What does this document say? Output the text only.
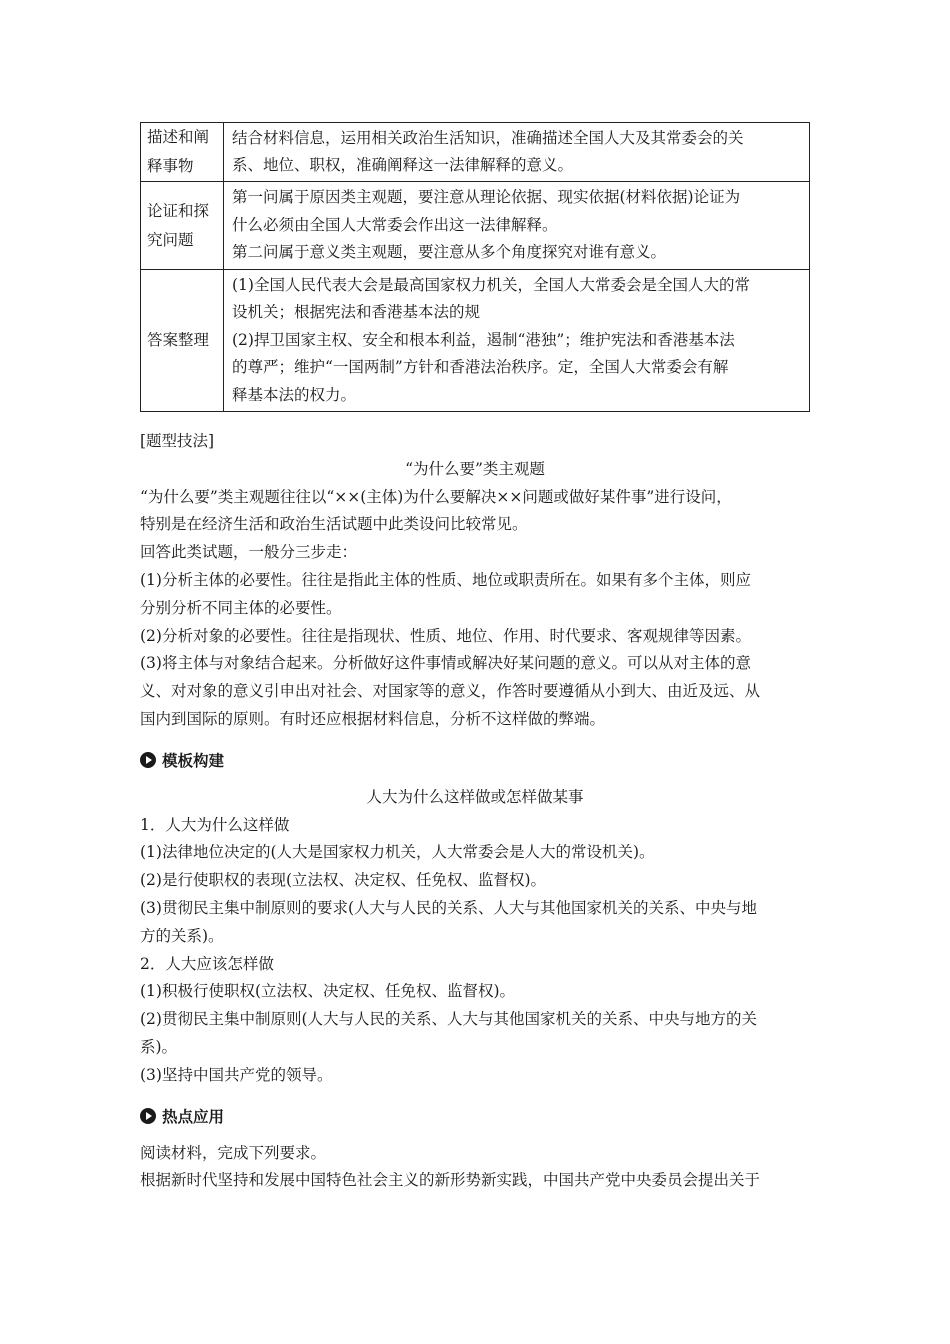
描述和阐
释事物	结合材料信息，运用相关政治生活知识，准确描述全国人大及其常委会的关
系、地位、职权，准确阐释这一法律解释的意义。

论证和探
究问题	第一问属于原因类主观题，要注意从理论依据、现实依据(材料依据)论证为
什么必须由全国人大常委会作出这一法律解释。
第二问属于意义类主观题，要注意从多个角度探究对谁有意义。

答案整理	(1)全国人民代表大会是最高国家权力机关，全国人大常委会是全国人大的常
设机关；根据宪法和香港基本法的规
(2)捍卫国家主权、安全和根本利益，遏制“港独”；维护宪法和香港基本法
的尊严；维护“一国两制”方针和香港法治秩序。定，全国人大常委会有解
释基本法的权力。

[题型技法]

“为什么要”类主观题

“为什么要”类主观题往往以“××(主体)为什么要解决××问题或做好某件事”进行设问，

特别是在经济生活和政治生活试题中此类设问比较常见。

回答此类试题，一般分三步走：

(1)分析主体的必要性。往往是指此主体的性质、地位或职责所在。如果有多个主体，则应

分别分析不同主体的必要性。

(2)分析对象的必要性。往往是指现状、性质、地位、作用、时代要求、客观规律等因素。

(3)将主体与对象结合起来。分析做好这件事情或解决好某问题的意义。可以从对主体的意

义、对对象的意义引申出对社会、对国家等的意义，作答时要遵循从小到大、由近及远、从

国内到国际的原则。有时还应根据材料信息，分析不这样做的弊端。

模板构建

人大为什么这样做或怎样做某事

1．人大为什么这样做

(1)法律地位决定的(人大是国家权力机关，人大常委会是人大的常设机关)。

(2)是行使职权的表现(立法权、决定权、任免权、监督权)。

(3)贯彻民主集中制原则的要求(人大与人民的关系、人大与其他国家机关的关系、中央与地

方的关系)。

2．人大应该怎样做

(1)积极行使职权(立法权、决定权、任免权、监督权)。

(2)贯彻民主集中制原则(人大与人民的关系、人大与其他国家机关的关系、中央与地方的关

系)。

(3)坚持中国共产党的领导。

热点应用

阅读材料，完成下列要求。

根据新时代坚持和发展中国特色社会主义的新形势新实践，中国共产党中央委员会提出关于
